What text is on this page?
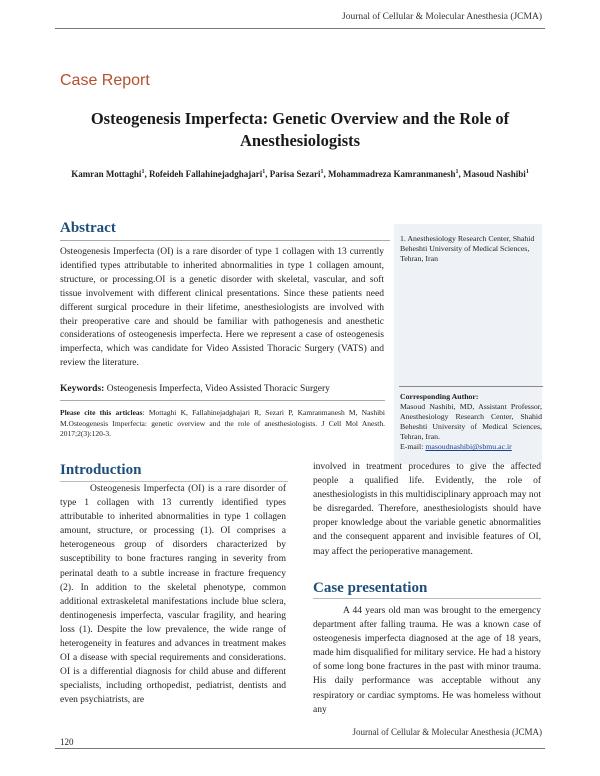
Journal of Cellular & Molecular Anesthesia (JCMA)
Case Report
Osteogenesis Imperfecta: Genetic Overview and the Role of Anesthesiologists
Kamran Mottaghi$^1$, Rofeideh Fallahinejadghajari$^1$, Parisa Sezari$^1$, Mohammadreza Kamranmanesh$^1$, Masoud Nashibi$^1$
Abstract
Osteogenesis Imperfecta (OI) is a rare disorder of type 1 collagen with 13 currently identified types attributable to inherited abnormalities in type 1 collagen amount, structure, or processing.OI is a genetic disorder with skeletal, vascular, and soft tissue involvement with different clinical presentations. Since these patients need different surgical procedure in their lifetime, anesthesiologists are involved with their preoperative care and should be familiar with pathogenesis and anesthetic considerations of osteogenesis imperfecta. Here we represent a case of osteogenesis imperfecta, which was candidate for Video Assisted Thoracic Surgery (VATS) and review the literature.
Keywords: Osteogenesis Imperfecta, Video Assisted Thoracic Surgery
Please cite this articleas: Mottaghi K, Fallahinejadghajari R, Sezari P, Kamranmanesh M, Nashibi M.Osteogenesis Imperfecta: genetic overview and the role of anesthesiologists. J Cell Mol Anesth. 2017;2(3):120-3.
1. Anesthesiology Research Center, Shahid Beheshti University of Medical Sciences, Tehran, Iran
Corresponding Author:
Masoud Nashibi, MD, Assistant Professor, Anesthesiology Research Center, Shahid Beheshti University of Medical Sciences, Tehran, Iran.
E-mail: masoudnashibi@sbmu.ac.ir
Introduction

Osteogenesis Imperfecta (OI) is a rare disorder of type 1 collagen with 13 currently identified types attributable to inherited abnormalities in type 1 collagen amount, structure, or processing (1). OI comprises a heterogeneous group of disorders characterized by susceptibility to bone fractures ranging in severity from perinatal death to a subtle increase in fracture frequency (2). In addition to the skeletal phenotype, common additional extraskeletal manifestations include blue sclera, dentinogenesis imperfecta, vascular fragility, and hearing loss (1). Despite the low prevalence, the wide range of heterogeneity in features and advances in treatment makes OI a disease with special requirements and considerations. OI is a differential diagnosis for child abuse and different specialists, including orthopedist, pediatrist, dentists and even psychiatrists, are

involved in treatment procedures to give the affected people a qualified life. Evidently, the role of anesthesiologists in this multidisciplinary approach may not be disregarded. Therefore, anesthesiologists should have proper knowledge about the variable genetic abnormalities and the consequent apparent and invisible features of OI, may affect the perioperative management.

Case presentation

A 44 years old man was brought to the emergency department after falling trauma. He was a known case of osteogenesis imperfecta diagnosed at the age of 18 years, made him disqualified for military service. He had a history of some long bone fractures in the past with minor trauma. His daily performance was acceptable without any respiratory or cardiac symptoms. He was homeless without any

120
Journal of Cellular & Molecular Anesthesia (JCMA)
